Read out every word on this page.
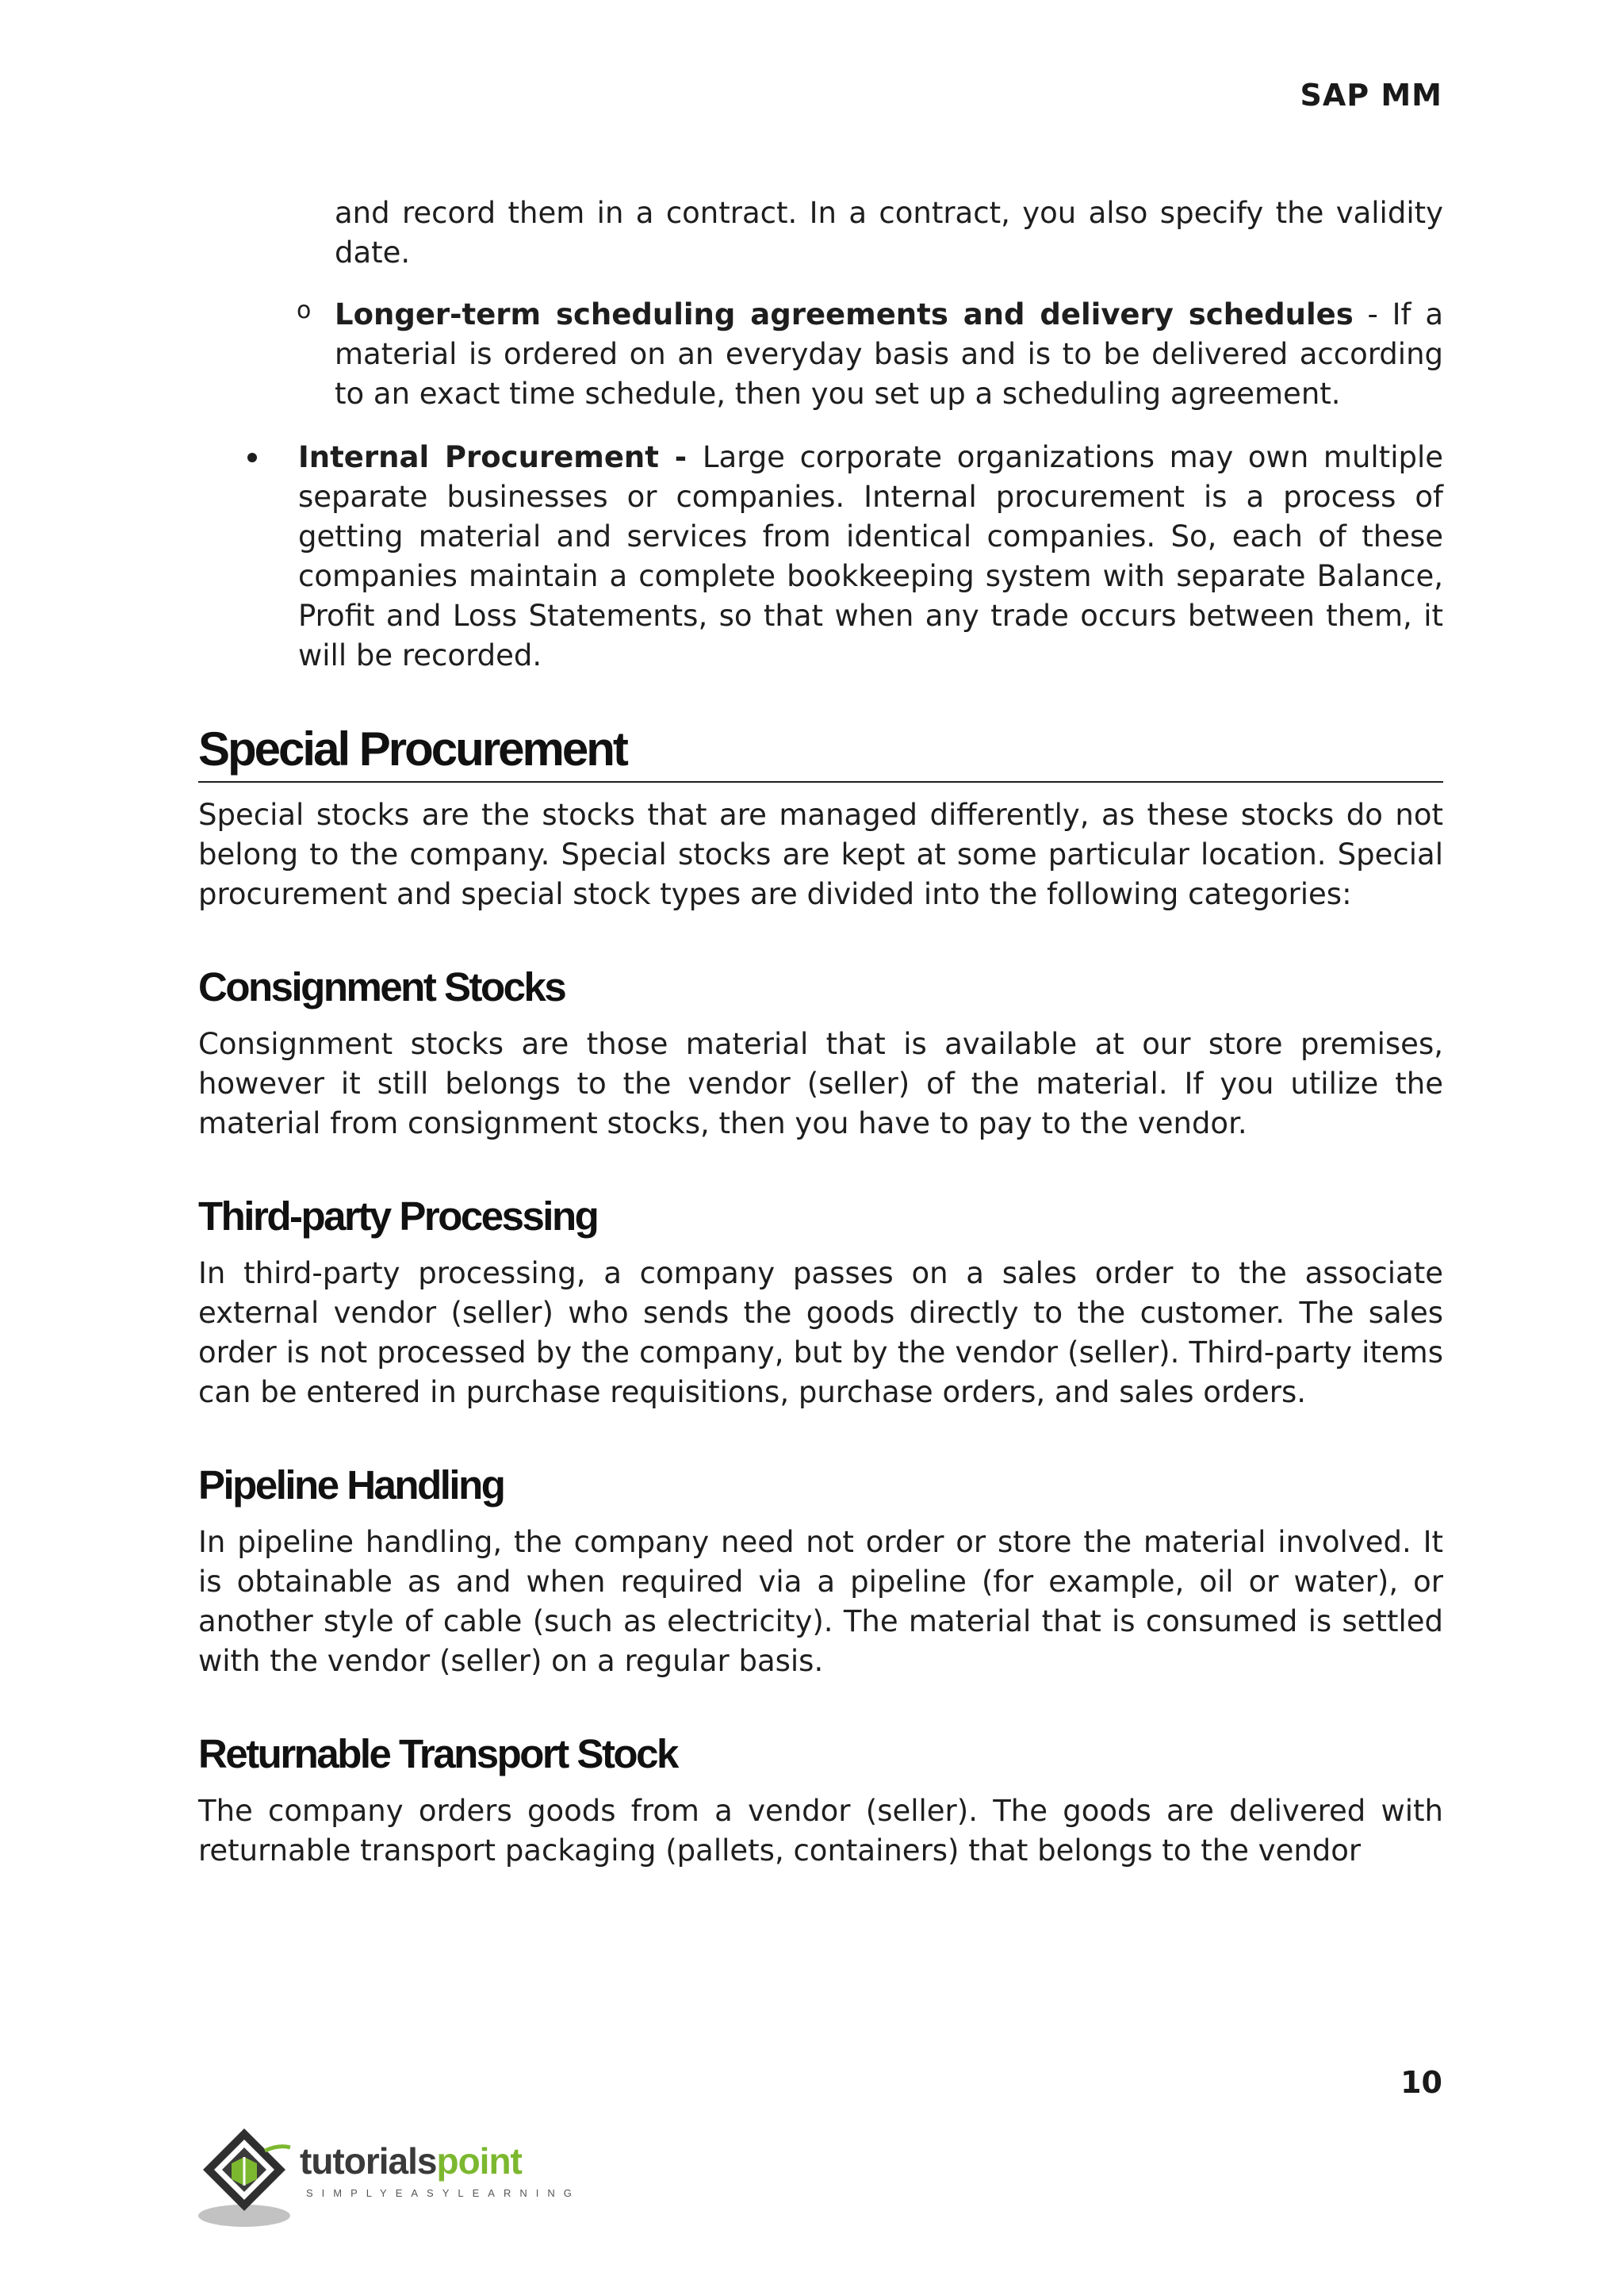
SAP MM

and record them in a contract. In a contract, you also specify the validity date.

o Longer-term scheduling agreements and delivery schedules - If a material is ordered on an everyday basis and is to be delivered according to an exact time schedule, then you set up a scheduling agreement.

Internal Procurement - Large corporate organizations may own multiple separate businesses or companies. Internal procurement is a process of getting material and services from identical companies. So, each of these companies maintain a complete bookkeeping system with separate Balance, Profit and Loss Statements, so that when any trade occurs between them, it will be recorded.

Special Procurement

Special stocks are the stocks that are managed differently, as these stocks do not belong to the company. Special stocks are kept at some particular location. Special procurement and special stock types are divided into the following categories:

Consignment Stocks

Consignment stocks are those material that is available at our store premises, however it still belongs to the vendor (seller) of the material. If you utilize the material from consignment stocks, then you have to pay to the vendor.

Third-party Processing

In third-party processing, a company passes on a sales order to the associate external vendor (seller) who sends the goods directly to the customer. The sales order is not processed by the company, but by the vendor (seller). Third-party items can be entered in purchase requisitions, purchase orders, and sales orders.

Pipeline Handling

In pipeline handling, the company need not order or store the material involved. It is obtainable as and when required via a pipeline (for example, oil or water), or another style of cable (such as electricity). The material that is consumed is settled with the vendor (seller) on a regular basis.

Returnable Transport Stock

The company orders goods from a vendor (seller). The goods are delivered with returnable transport packaging (pallets, containers) that belongs to the vendor

10
tutorialspoint
SIMPLYEASYLEARNING
